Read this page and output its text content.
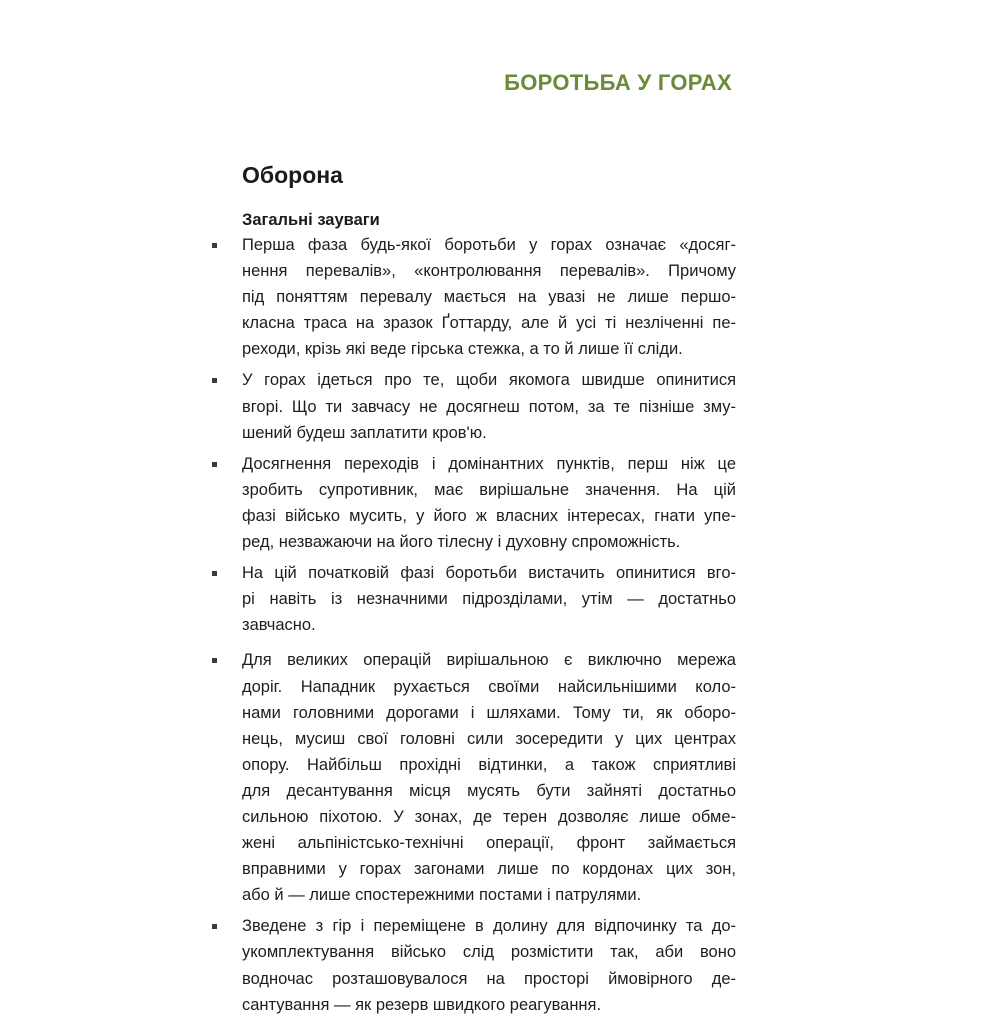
БОРОТЬБА У ГОРАХ
Оборона
Загальні зауваги
Перша фаза будь-якої боротьби у горах означає «досяг-
нення перевалів», «контролювання перевалів». Причому
під поняттям перевалу мається на увазі не лише першо-
класна траса на зразок Ґоттарду, але й усі ті незліченні пе-
реходи, крізь які веде гірська стежка, а то й лише її сліди.
У горах ідеться про те, щоби якомога швидше опинитися
вгорі. Що ти завчасу не досягнеш потом, за те пізніше зму-
шений будеш заплатити кров'ю.
Досягнення переходів і домінантних пунктів, перш ніж це
зробить супротивник, має вирішальне значення. На цій
фазі військо мусить, у його ж власних інтересах, гнати упе-
ред, незважаючи на його тілесну і духовну спроможність.
На цій початковій фазі боротьби вистачить опинитися вго-
рі навіть із незначними підрозділами, утім — достатньо
завчасно.
Для великих операцій вирішальною є виключно мережа
доріг. Нападник рухається своїми найсильнішими коло-
нами головними дорогами і шляхами. Тому ти, як оборо-
нець, мусиш свої головні сили зосередити у цих центрах
опору. Найбільш прохідні відтинки, а також сприятливі
для десантування місця мусять бути зайняті достатньо
сильною піхотою. У зонах, де терен дозволяє лише обме-
жені альпіністсько-технічні операції, фронт займається
вправними у горах загонами лише по кордонах цих зон,
або й — лише спостережними постами і патрулями.
Зведене з гір і переміщене в долину для відпочинку та до-
укомплектування військо слід розмістити так, аби воно
водночас розташовувалося на просторі ймовірного де-
сантування — як резерв швидкого реагування.
